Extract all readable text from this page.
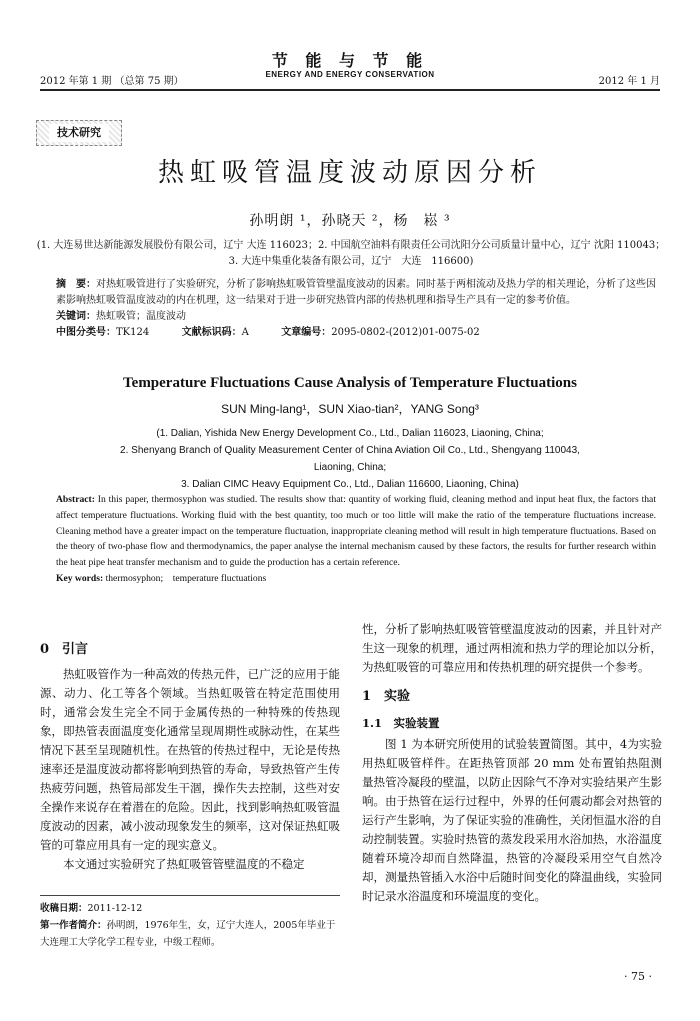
2012 年第 1 期 （总第 75 期）
节 能 与 节 能
ENERGY AND ENERGY CONSERVATION
2012 年 1 月
技术研究
热虹吸管温度波动原因分析
孙明朗 ¹，孙晓天 ²，杨　崧 ³
(1. 大连易世达新能源发展股份有限公司，辽宁 大连 116023；2. 中国航空油料有限责任公司沈阳分公司质量计量中心，辽宁 沈阳 110043；
3. 大连中集重化装备有限公司，辽宁　大连　116600)
摘　要：对热虹吸管进行了实验研究，分析了影响热虹吸管管壁温度波动的因素。同时基于两相流动及热力学的相关理论，分析了这些因素影响热虹吸管温度波动的内在机理，这一结果对于进一步研究热管内部的传热机理和指导生产具有一定的参考价值。
关键词：热虹吸管；温度波动
中图分类号：TK124	文献标识码：A	文章编号：2095-0802-(2012)01-0075-02
Temperature Fluctuations Cause Analysis of Temperature Fluctuations
SUN Ming-lang¹，SUN Xiao-tian²，YANG Song³
(1. Dalian, Yishida New Energy Development Co., Ltd., Dalian 116023, Liaoning, China;
2. Shenyang Branch of Quality Measurement Center of China Aviation Oil Co., Ltd., Shengyang 110043,
Liaoning, China;
3. Dalian CIMC Heavy Equipment Co., Ltd., Dalian 116600, Liaoning, China)
Abstract: In this paper, thermosyphon was studied. The results show that: quantity of working fluid, cleaning method and input heat flux, the factors that affect temperature fluctuations. Working fluid with the best quantity, too much or too little will make the ratio of the temperature fluctuations increase. Cleaning method have a greater impact on the temperature fluctuation, inappropriate cleaning method will result in high temperature fluctuations. Based on the theory of two-phase flow and thermodynamics, the paper analyse the internal mechanism caused by these factors, the results for further research within the heat pipe heat transfer mechanism and to guide the production has a certain reference.
Key words: thermosyphon;　temperature fluctuations
0　引言

热虹吸管作为一种高效的传热元件，已广泛的应用于能源、动力、化工等各个领域。当热虹吸管在特定范围使用时，通常会发生完全不同于金属传热的一种特殊的传热现象，即热管表面温度变化通常呈现周期性或脉动性，在某些情况下甚至呈现随机性。在热管的传热过程中，无论是传热速率还是温度波动都将影响到热管的寿命，导致热管产生传热疲劳问题，热管局部发生干涸，操作失去控制，这些对安全操作来说存在着潜在的危险。因此，找到影响热虹吸管温度波动的因素，减小波动现象发生的频率，这对保证热虹吸管的可靠应用具有一定的现实意义。

本文通过实验研究了热虹吸管管壁温度的不稳定

收稿日期：2011-12-12
第一作者简介：孙明朗，1976年生，女，辽宁大连人，2005年毕业于大连理工大学化学工程专业，中级工程师。

性，分析了影响热虹吸管管壁温度波动的因素，并且针对产生这一现象的机理，通过两相流和热力学的理论加以分析，为热虹吸管的可靠应用和传热机理的研究提供一个参考。

1　实验
1.1　实验装置

图 1 为本研究所使用的试验装置简图。其中，4为实验用热虹吸管样件。在距热管顶部 20 mm 处布置铂热阻测量热管冷凝段的壁温，以防止因除气不净对实验结果产生影响。由于热管在运行过程中，外界的任何震动都会对热管的运行产生影响，为了保证实验的准确性，关闭恒温水浴的自动控制装置。实验时热管的蒸发段采用水浴加热，水浴温度随着环境冷却而自然降温，热管的冷凝段采用空气自然冷却，测量热管插入水浴中后随时间变化的降温曲线，实验同时记录水浴温度和环境温度的变化。

· 75 ·
